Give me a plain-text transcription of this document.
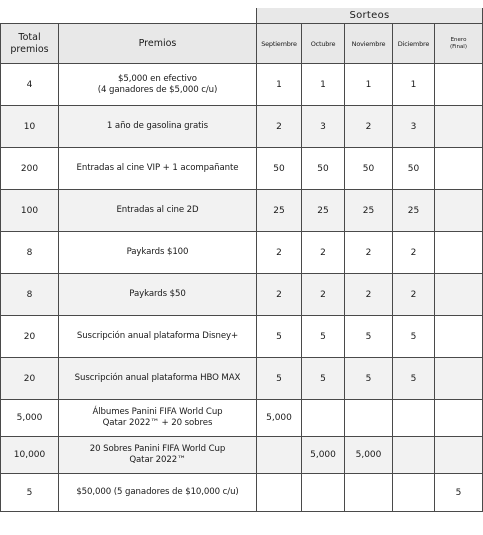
		Sorteos				
Total
premios	Premios	Septiembre	Octubre	Noviembre	Diciembre	Enero
(Final)
4	$5,000 en efectivo
(4 ganadores de $5,000 c/u)	1	1	1	1	
10	1 año de gasolina gratis	2	3	2	3	
200	Entradas al cine VIP + 1 acompañante	50	50	50	50	
100	Entradas al cine 2D	25	25	25	25	
8	Paykards $100	2	2	2	2	
8	Paykards $50	2	2	2	2	
20	Suscripción anual plataforma Disney+	5	5	5	5	
20	Suscripción anual plataforma HBO MAX	5	5	5	5	
5,000	Álbumes Panini FIFA World Cup
Qatar 2022™ + 20 sobres	5,000				
10,000	20 Sobres Panini FIFA World Cup
Qatar 2022™		5,000	5,000		
5	$50,000 (5 ganadores de $10,000 c/u)					5
